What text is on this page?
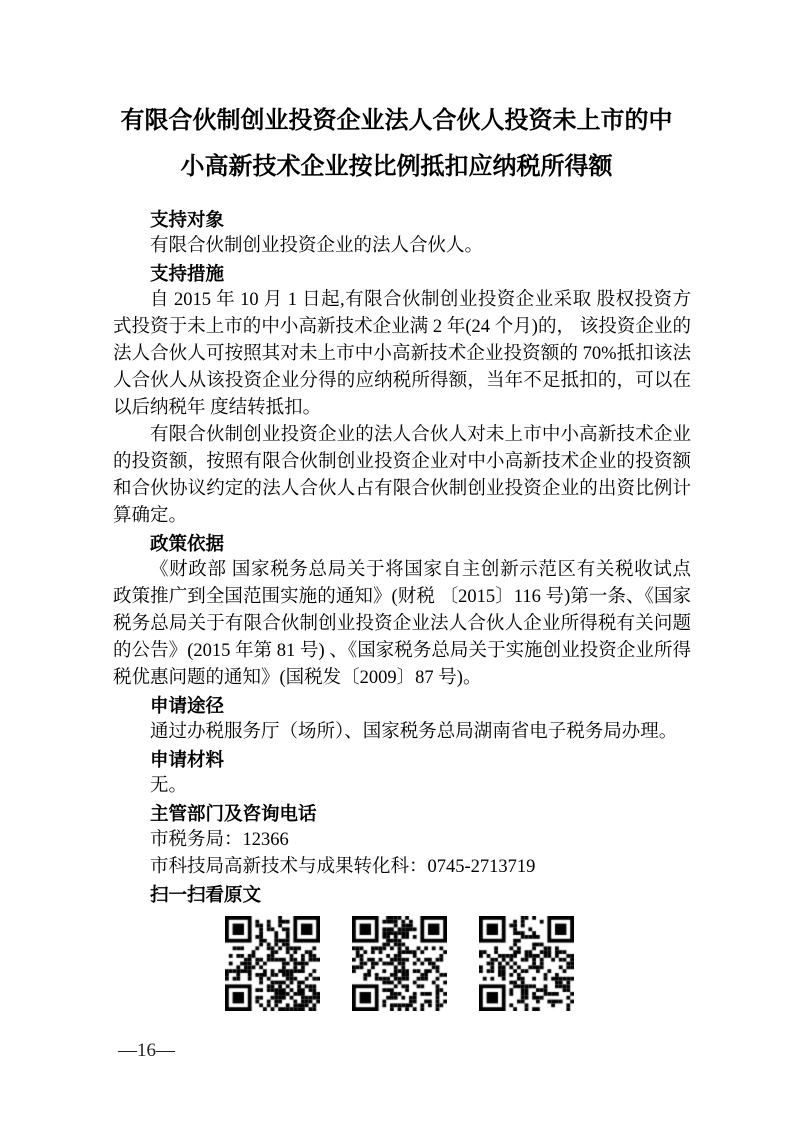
有限合伙制创业投资企业法人合伙人投资未上市的中
小高新技术企业按比例抵扣应纳税所得额
支持对象

有限合伙制创业投资企业的法人合伙人。

支持措施

自 2015 年 10 月 1 日起,有限合伙制创业投资企业采取 股权投资方式投资于未上市的中小高新技术企业满 2 年(24 个月)的， 该投资企业的法人合伙人可按照其对未上市中小高新技术企业投资额的 70%抵扣该法人合伙人从该投资企业分得的应纳税所得额，当年不足抵扣的，可以在以后纳税年 度结转抵扣。

有限合伙制创业投资企业的法人合伙人对未上市中小高新技术企业的投资额，按照有限合伙制创业投资企业对中小高新技术企业的投资额和合伙协议约定的法人合伙人占有限合伙制创业投资企业的出资比例计算确定。

政策依据

《财政部 国家税务总局关于将国家自主创新示范区有关税收试点政策推广到全国范围实施的通知》(财税 〔2015〕116 号)第一条、《国家税务总局关于有限合伙制创业投资企业法人合伙人企业所得税有关问题的公告》(2015 年第 81 号) 、《国家税务总局关于实施创业投资企业所得税优惠问题的通知》(国税发〔2009〕87 号)。

申请途径

通过办税服务厅（场所）、国家税务总局湖南省电子税务局办理。

申请材料

无。

主管部门及咨询电话

市税务局：12366

市科技局高新技术与成果转化科：0745-2713719

扫一扫看原文
—16—
